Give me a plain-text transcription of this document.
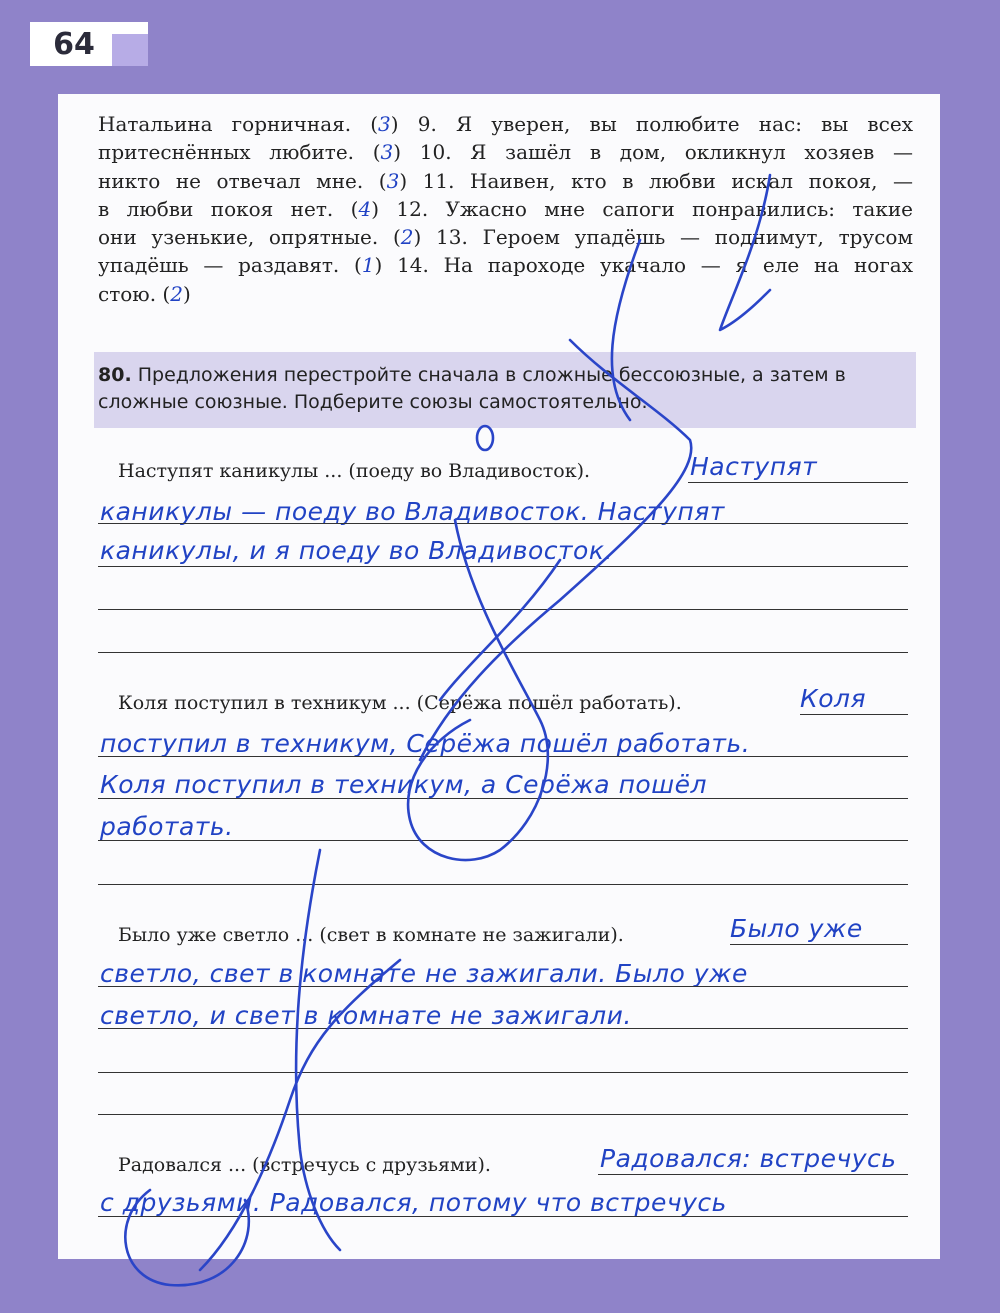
64
Натальина горничная. (3) 9. Я уверен, вы полюбите нас: вы всех
притеснённых любите. (3) 10. Я зашёл в дом, окликнул хозяев —
никто не отвечал мне. (3) 11. Наивен, кто в любви искал покоя, —
в любви покоя нет. (4) 12. Ужасно мне сапоги понравились: такие
они узенькие, опрятные. (2) 13. Героем упадёшь — поднимут, трусом
упадёшь — раздавят. (1) 14. На пароходе укачало — я еле на ногах
стою. (2)
80. Предложения перестройте сначала в сложные бессоюзные, а затем в сложные союзные. Подберите союзы самостоятельно.
Наступят каникулы ... (поеду во Владивосток).	Наступят
каникулы — поеду во Владивосток. Наступят
каникулы, и я поеду во Владивосток.
Коля поступил в техникум ... (Серёжа пошёл работать).	Коля
поступил в техникум, Серёжа пошёл работать.
Коля поступил в техникум, а Серёжа пошёл
работать.
Было уже светло ... (свет в комнате не зажигали).	Было уже
светло, свет в комнате не зажигали. Было уже
светло, и свет в комнате не зажигали.
Радовался ... (встречусь с друзьями).	Радовался: встречусь
с друзьями. Радовался, потому что встречусь
